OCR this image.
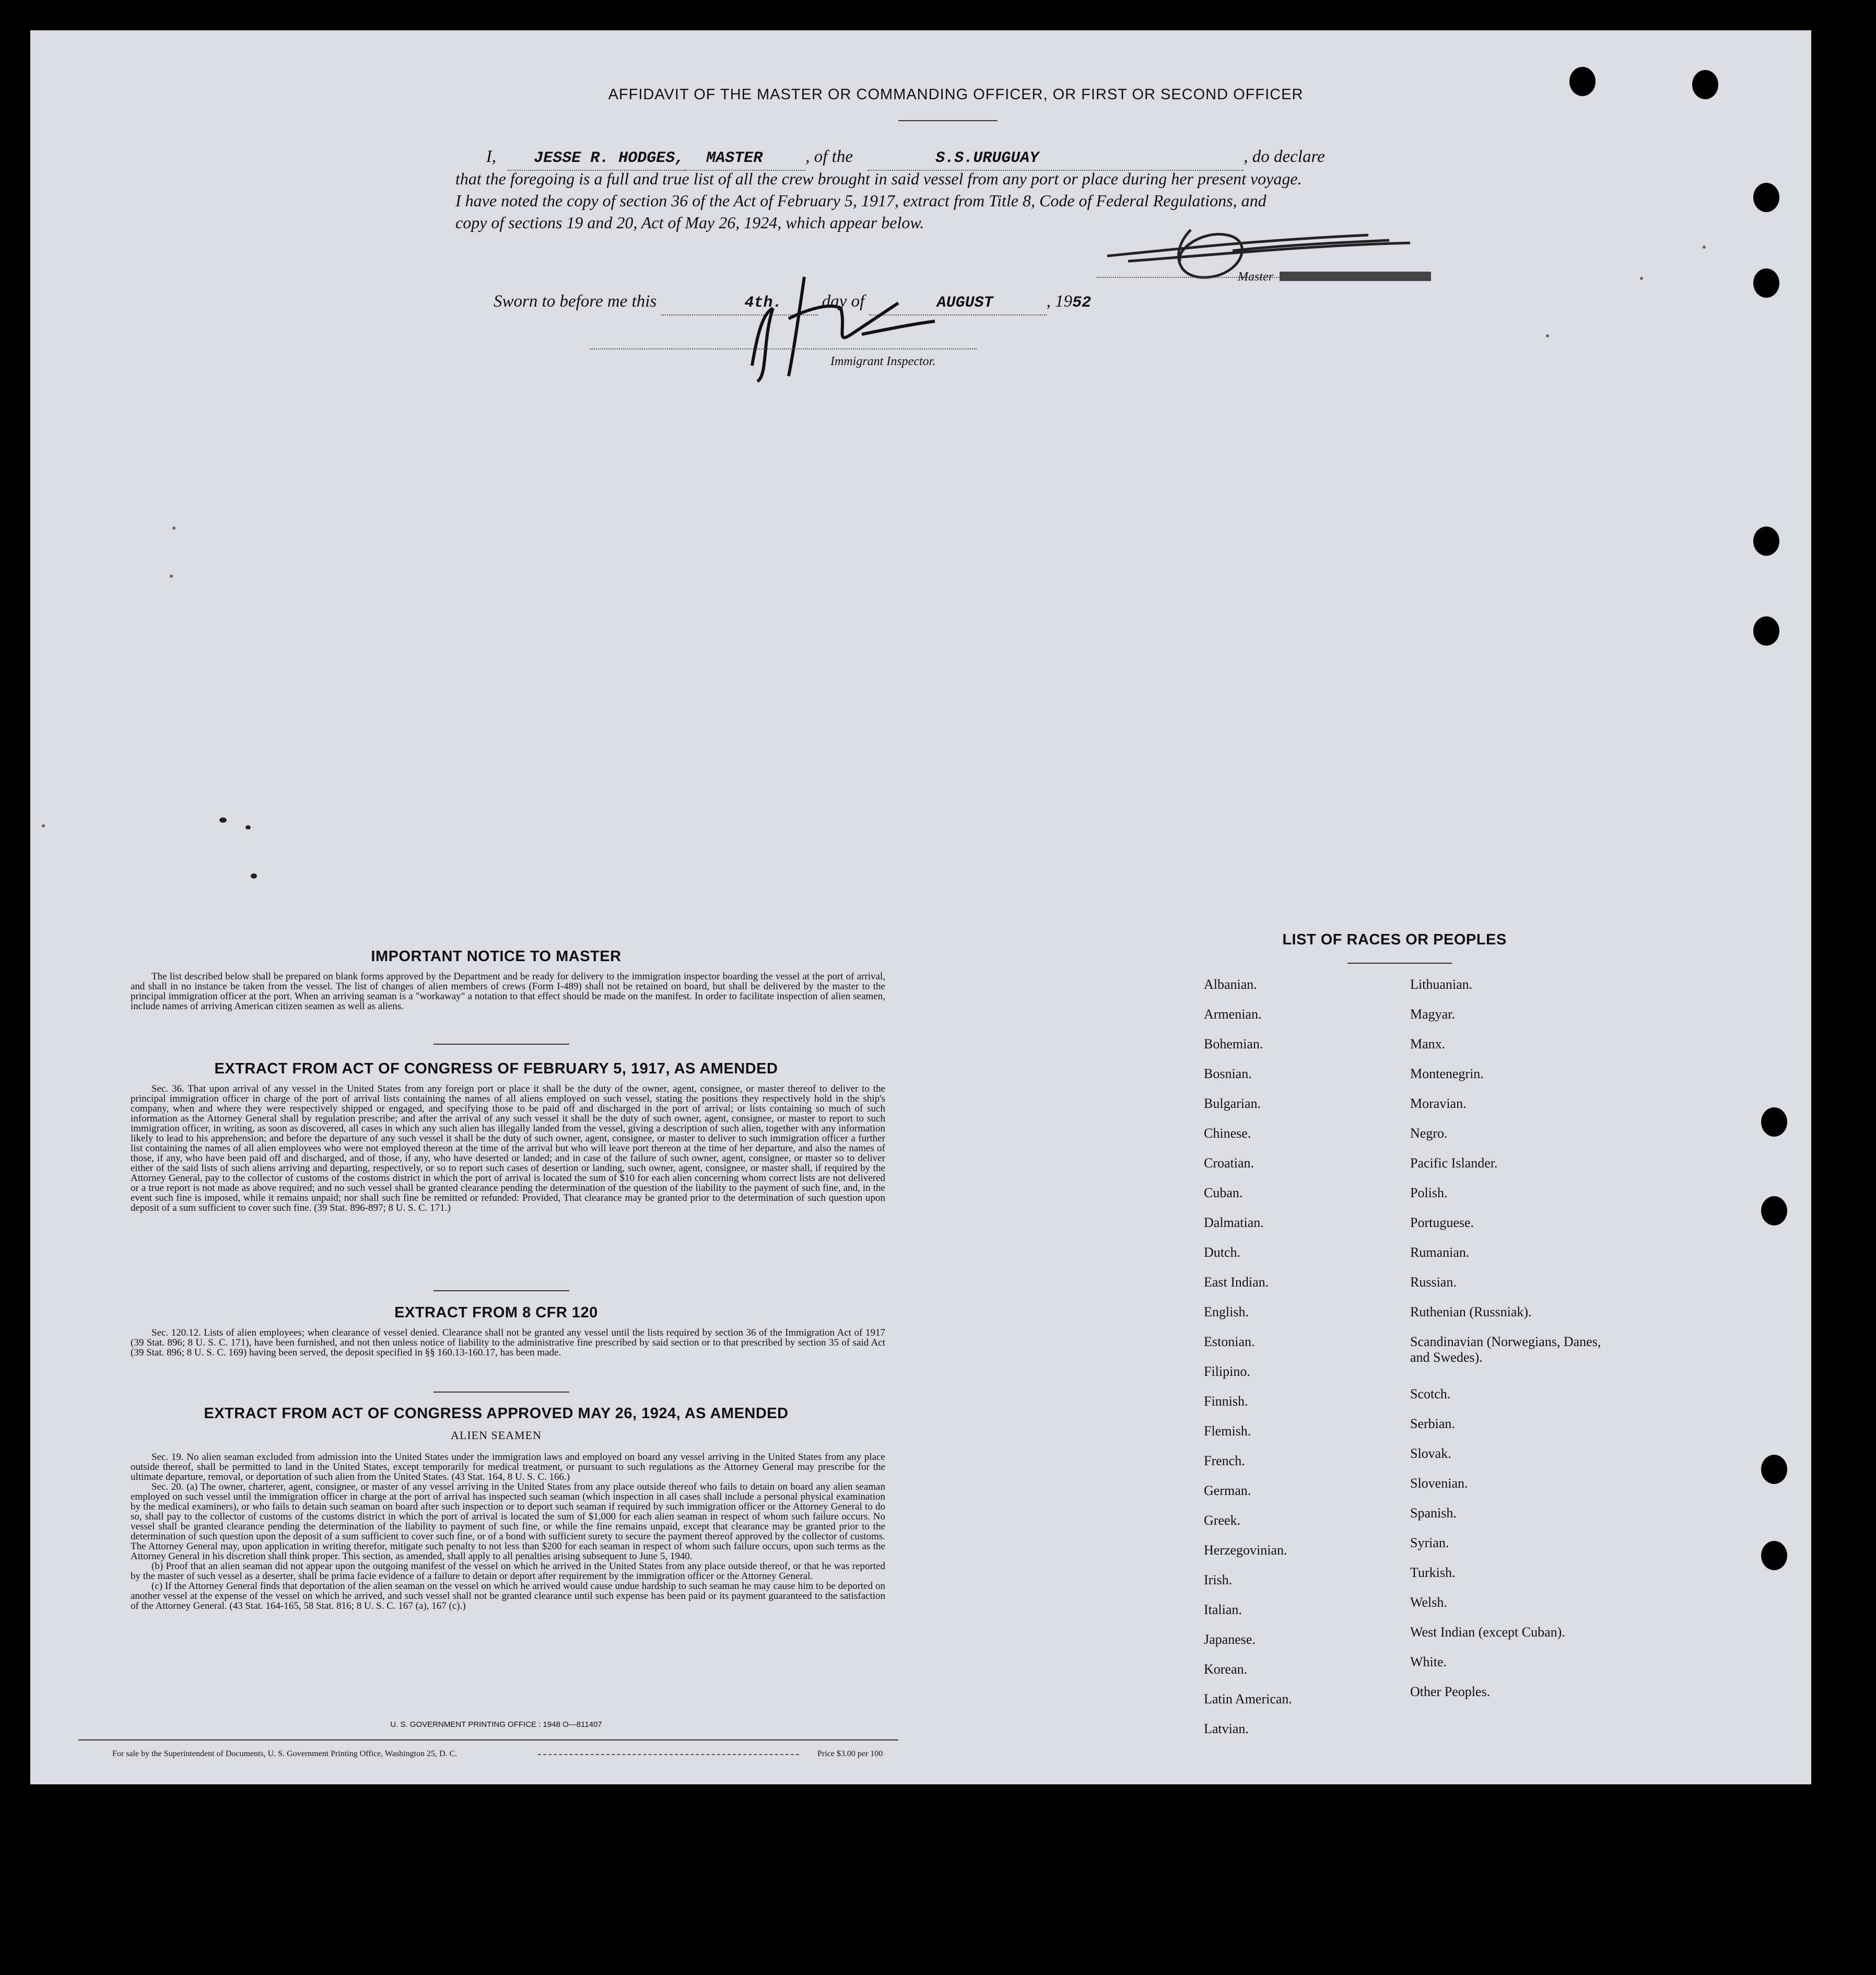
AFFIDAVIT OF THE MASTER OR COMMANDING OFFICER, OR FIRST OR SECOND OFFICER
I, JESSE R. HODGES, MASTER , of the	S.S.URUGUAY	, do declare
that the foregoing is a full and true list of all the crew brought in said vessel from any port or place during her present voyage.
I have noted the copy of section 36 of the Act of February 5, 1917, extract from Title 8, Code of Federal Regulations, and
copy of sections 19 and 20, Act of May 26, 1924, which appear below.
Master
Sworn to before me this	4th. day of	AUGUST	, 1952
Immigrant Inspector.
IMPORTANT NOTICE TO MASTER

The list described below shall be prepared on blank forms approved by the Department and be ready for delivery to the immigration inspector boarding the vessel at the port of arrival, and shall in no instance be taken from the vessel. The list of changes of alien members of crews (Form I-489) shall not be retained on board, but shall be delivered by the master to the principal immigration officer at the port. When an arriving seaman is a "workaway" a notation to that effect should be made on the manifest. In order to facilitate inspection of alien seamen, include names of arriving American citizen seamen as well as aliens.

EXTRACT FROM ACT OF CONGRESS OF FEBRUARY 5, 1917, AS AMENDED

Sec. 36. That upon arrival of any vessel in the United States from any foreign port or place it shall be the duty of the owner, agent, consignee, or master thereof to deliver to the principal immigration officer in charge of the port of arrival lists containing the names of all aliens employed on such vessel, stating the positions they respectively hold in the ship's company, when and where they were respectively shipped or engaged, and specifying those to be paid off and discharged in the port of arrival; or lists containing so much of such information as the Attorney General shall by regulation prescribe; and after the arrival of any such vessel it shall be the duty of such owner, agent, consignee, or master to report to such immigration officer, in writing, as soon as discovered, all cases in which any such alien has illegally landed from the vessel, giving a description of such alien, together with any information likely to lead to his apprehension; and before the departure of any such vessel it shall be the duty of such owner, agent, consignee, or master to deliver to such immigration officer a further list containing the names of all alien employees who were not employed thereon at the time of the arrival but who will leave port thereon at the time of her departure, and also the names of those, if any, who have been paid off and discharged, and of those, if any, who have deserted or landed; and in case of the failure of such owner, agent, consignee, or master so to deliver either of the said lists of such aliens arriving and departing, respectively, or so to report such cases of desertion or landing, such owner, agent, consignee, or master shall, if required by the Attorney General, pay to the collector of customs of the costoms district in which the port of arrival is located the sum of $10 for each alien concerning whom correct lists are not delivered or a true report is not made as above required; and no such vessel shall be granted clearance pending the determination of the question of the liability to the payment of such fine, and, in the event such fine is imposed, while it remains unpaid; nor shall such fine be remitted or refunded: Provided, That clearance may be granted prior to the determination of such question upon deposit of a sum sufficient to cover such fine. (39 Stat. 896-897; 8 U. S. C. 171.)

EXTRACT FROM 8 CFR 120

Sec. 120.12. Lists of alien employees; when clearance of vessel denied. Clearance shall not be granted any vessel until the lists required by section 36 of the Immigration Act of 1917 (39 Stat. 896; 8 U. S. C. 171), have been furnished, and not then unless notice of liability to the administrative fine prescribed by said section or to that prescribed by section 35 of said Act (39 Stat. 896; 8 U. S. C. 169) having been served, the deposit specified in §§ 160.13-160.17, has been made.

EXTRACT FROM ACT OF CONGRESS APPROVED MAY 26, 1924, AS AMENDED
ALIEN SEAMEN

Sec. 19. No alien seaman excluded from admission into the United States under the immigration laws and employed on board any vessel arriving in the United States from any place outside thereof, shall be permitted to land in the United States, except temporarily for medical treatment, or pursuant to such regulations as the Attorney General may prescribe for the ultimate departure, removal, or deportation of such alien from the United States. (43 Stat. 164, 8 U. S. C. 166.)

Sec. 20. (a) The owner, charterer, agent, consignee, or master of any vessel arriving in the United States from any place outside thereof who fails to detain on board any alien seaman employed on such vessel until the immigration officer in charge at the port of arrival has inspected such seaman (which inspection in all cases shall include a personal physical examination by the medical examiners), or who fails to detain such seaman on board after such inspection or to deport such seaman if required by such immigration officer or the Attorney General to do so, shall pay to the collector of customs of the customs district in which the port of arrival is located the sum of $1,000 for each alien seaman in respect of whom such failure occurs. No vessel shall be granted clearance pending the determination of the liability to payment of such fine, or while the fine remains unpaid, except that clearance may be granted prior to the determination of such question upon the deposit of a sum sufficient to cover such fine, or of a bond with sufficient surety to secure the payment thereof approved by the collector of customs. The Attorney General may, upon application in writing therefor, mitigate such penalty to not less than $200 for each seaman in respect of whom such failure occurs, upon such terms as the Attorney General in his discretion shall think proper. This section, as amended, shall apply to all penalties arising subsequent to June 5, 1940.

(b) Proof that an alien seaman did not appear upon the outgoing manifest of the vessel on which he arrived in the United States from any place outside thereof, or that he was reported by the master of such vessel as a deserter, shall be prima facie evidence of a failure to detain or deport after requirement by the immigration officer or the Attorney General.

(c) If the Attorney General finds that deportation of the alien seaman on the vessel on which he arrived would cause undue hardship to such seaman he may cause him to be deported on another vessel at the expense of the vessel on which he arrived, and such vessel shall not be granted clearance until such expense has been paid or its payment guaranteed to the satisfaction of the Attorney General. (43 Stat. 164-165, 58 Stat. 816; 8 U. S. C. 167 (a), 167 (c).)

U. S. GOVERNMENT PRINTING OFFICE : 1948 O—811407
For sale by the Superintendent of Documents, U. S. Government Printing Office, Washington 25, D. C.	Price $3.00 per 100
LIST OF RACES OR PEOPLES
Albanian.
Armenian.
Bohemian.
Bosnian.
Bulgarian.
Chinese.
Croatian.
Cuban.
Dalmatian.
Dutch.
East Indian.
English.
Estonian.
Filipino.
Finnish.
Flemish.
French.
German.
Greek.
Herzegovinian.
Irish.
Italian.
Japanese.
Korean.
Latin American.
Latvian.
Lithuanian.
Magyar.
Manx.
Montenegrin.
Moravian.
Negro.
Pacific Islander.
Polish.
Portuguese.
Rumanian.
Russian.
Ruthenian (Russniak).
Scandinavian (Norwegians, Danes, and Swedes).
Scotch.
Serbian.
Slovak.
Slovenian.
Spanish.
Syrian.
Turkish.
Welsh.
West Indian (except Cuban).
White.
Other Peoples.
